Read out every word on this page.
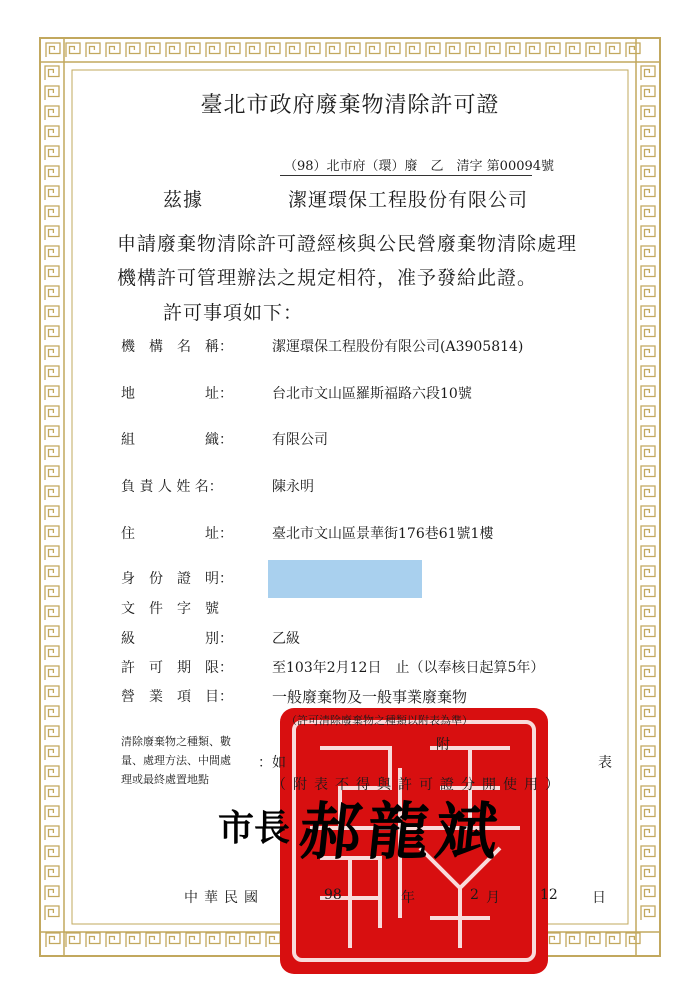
臺北市政府廢棄物清除許可證
（98）北市府（環）廢　乙　清字 第00094號
茲據	潔運環保工程股份有限公司
申請廢棄物清除許可證經核與公民營廢棄物清除處理
機構許可管理辦法之規定相符，准予發給此證。
許可事項如下：
機　構　名　稱：	潔運環保工程股份有限公司(A3905814)
地　　　　　址：	台北市文山區羅斯福路六段10號
組　　　　　織：	有限公司
負 責 人 姓 名：	陳永明
住　　　　　址：	臺北市文山區景華街176巷61號1樓
身　份　證　明：
文　件　字　號
級　　　　　別：	乙級
許　可　期　限：	至103年2月12日　止（以奉核日起算5年）
營　業　項　目：	一般廢棄物及一般事業廢棄物
（許可清除廢棄物之種類以附表為準）
清除廢棄物之種類、數
量、處理方法、中間處
理或最終處置地點
： 如
附
表
（附表不得與許可證分開使用）
市長 郝龍斌
中華民國	98	年	2 月	12 日
